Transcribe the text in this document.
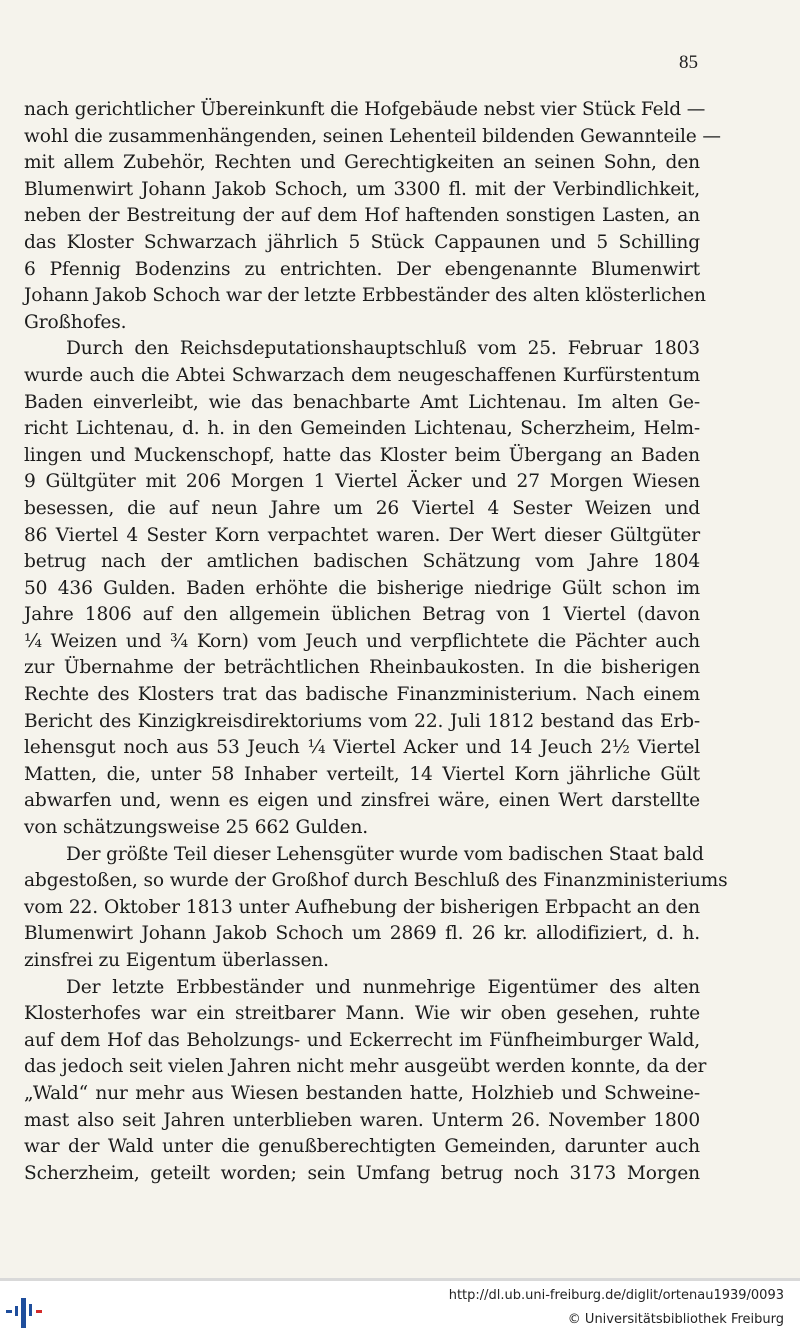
85
nach gerichtlicher Übereinkunft die Hofgebäude nebst vier Stück Feld —
wohl die zusammenhängenden, seinen Lehenteil bildenden Gewannteile —
mit allem Zubehör, Rechten und Gerechtigkeiten an seinen Sohn, den
Blumenwirt Johann Jakob Schoch, um 3300 fl. mit der Verbindlichkeit,
neben der Bestreitung der auf dem Hof haftenden sonstigen Lasten, an
das Kloster Schwarzach jährlich 5 Stück Cappaunen und 5 Schilling
6 Pfennig Bodenzins zu entrichten. Der ebengenannte Blumenwirt
Johann Jakob Schoch war der letzte Erbbeständer des alten klösterlichen
Großhofes.
Durch den Reichsdeputationshauptschluß vom 25. Februar 1803
wurde auch die Abtei Schwarzach dem neugeschaffenen Kurfürstentum
Baden einverleibt, wie das benachbarte Amt Lichtenau. Im alten Ge-
richt Lichtenau, d. h. in den Gemeinden Lichtenau, Scherzheim, Helm-
lingen und Muckenschopf, hatte das Kloster beim Übergang an Baden
9 Gültgüter mit 206 Morgen 1 Viertel Äcker und 27 Morgen Wiesen
besessen, die auf neun Jahre um 26 Viertel 4 Sester Weizen und
86 Viertel 4 Sester Korn verpachtet waren. Der Wert dieser Gültgüter
betrug nach der amtlichen badischen Schätzung vom Jahre 1804
50 436 Gulden. Baden erhöhte die bisherige niedrige Gült schon im
Jahre 1806 auf den allgemein üblichen Betrag von 1 Viertel (davon
¼ Weizen und ¾ Korn) vom Jeuch und verpflichtete die Pächter auch
zur Übernahme der beträchtlichen Rheinbaukosten. In die bisherigen
Rechte des Klosters trat das badische Finanzministerium. Nach einem
Bericht des Kinzigkreisdirektoriums vom 22. Juli 1812 bestand das Erb-
lehensgut noch aus 53 Jeuch ¼ Viertel Acker und 14 Jeuch 2½ Viertel
Matten, die, unter 58 Inhaber verteilt, 14 Viertel Korn jährliche Gült
abwarfen und, wenn es eigen und zinsfrei wäre, einen Wert darstellte
von schätzungsweise 25 662 Gulden.
Der größte Teil dieser Lehensgüter wurde vom badischen Staat bald
abgestoßen, so wurde der Großhof durch Beschluß des Finanzministeriums
vom 22. Oktober 1813 unter Aufhebung der bisherigen Erbpacht an den
Blumenwirt Johann Jakob Schoch um 2869 fl. 26 kr. allodifiziert, d. h.
zinsfrei zu Eigentum überlassen.
Der letzte Erbbeständer und nunmehrige Eigentümer des alten
Klosterhofes war ein streitbarer Mann. Wie wir oben gesehen, ruhte
auf dem Hof das Beholzungs- und Eckerrecht im Fünfheimburger Wald,
das jedoch seit vielen Jahren nicht mehr ausgeübt werden konnte, da der
„Wald“ nur mehr aus Wiesen bestanden hatte, Holzhieb und Schweine-
mast also seit Jahren unterblieben waren. Unterm 26. November 1800
war der Wald unter die genußberechtigten Gemeinden, darunter auch
Scherzheim, geteilt worden; sein Umfang betrug noch 3173 Morgen
http://dl.ub.uni-freiburg.de/diglit/ortenau1939/0093
© Universitätsbibliothek Freiburg
